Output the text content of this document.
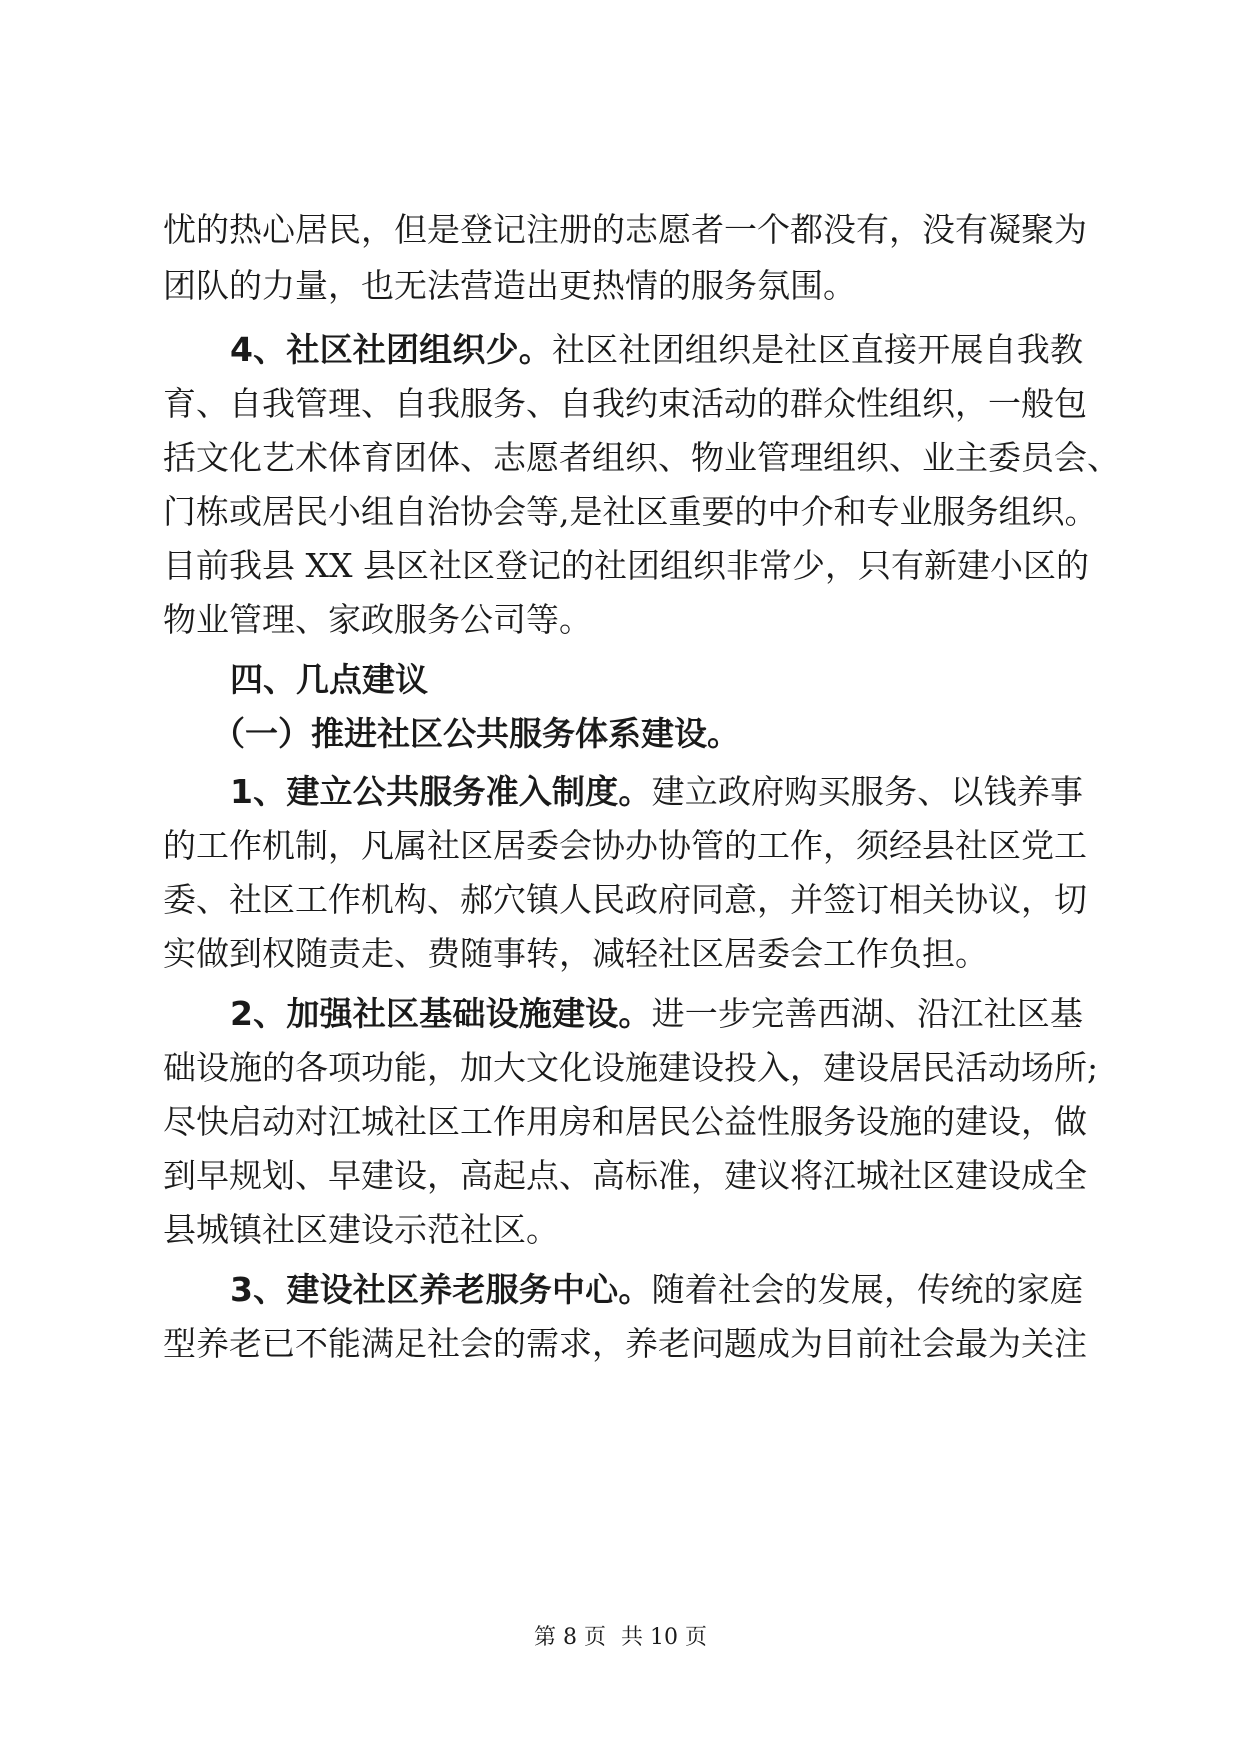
忧的热心居民，但是登记注册的志愿者一个都没有，没有凝聚为
团队的力量，也无法营造出更热情的服务氛围。
4、社区社团组织少。社区社团组织是社区直接开展自我教
育、自我管理、自我服务、自我约束活动的群众性组织，一般包
括文化艺术体育团体、志愿者组织、物业管理组织、业主委员会、
门栋或居民小组自治协会等,是社区重要的中介和专业服务组织。
目前我县 XX 县区社区登记的社团组织非常少，只有新建小区的
物业管理、家政服务公司等。
四、几点建议
（一）推进社区公共服务体系建设。
1、建立公共服务准入制度。建立政府购买服务、以钱养事
的工作机制，凡属社区居委会协办协管的工作，须经县社区党工
委、社区工作机构、郝穴镇人民政府同意，并签订相关协议，切
实做到权随责走、费随事转，减轻社区居委会工作负担。
2、加强社区基础设施建设。进一步完善西湖、沿江社区基
础设施的各项功能，加大文化设施建设投入，建设居民活动场所;
尽快启动对江城社区工作用房和居民公益性服务设施的建设，做
到早规划、早建设，高起点、高标准，建议将江城社区建设成全
县城镇社区建设示范社区。
3、建设社区养老服务中心。随着社会的发展，传统的家庭
型养老已不能满足社会的需求，养老问题成为目前社会最为关注
第 8 页 共 10 页
